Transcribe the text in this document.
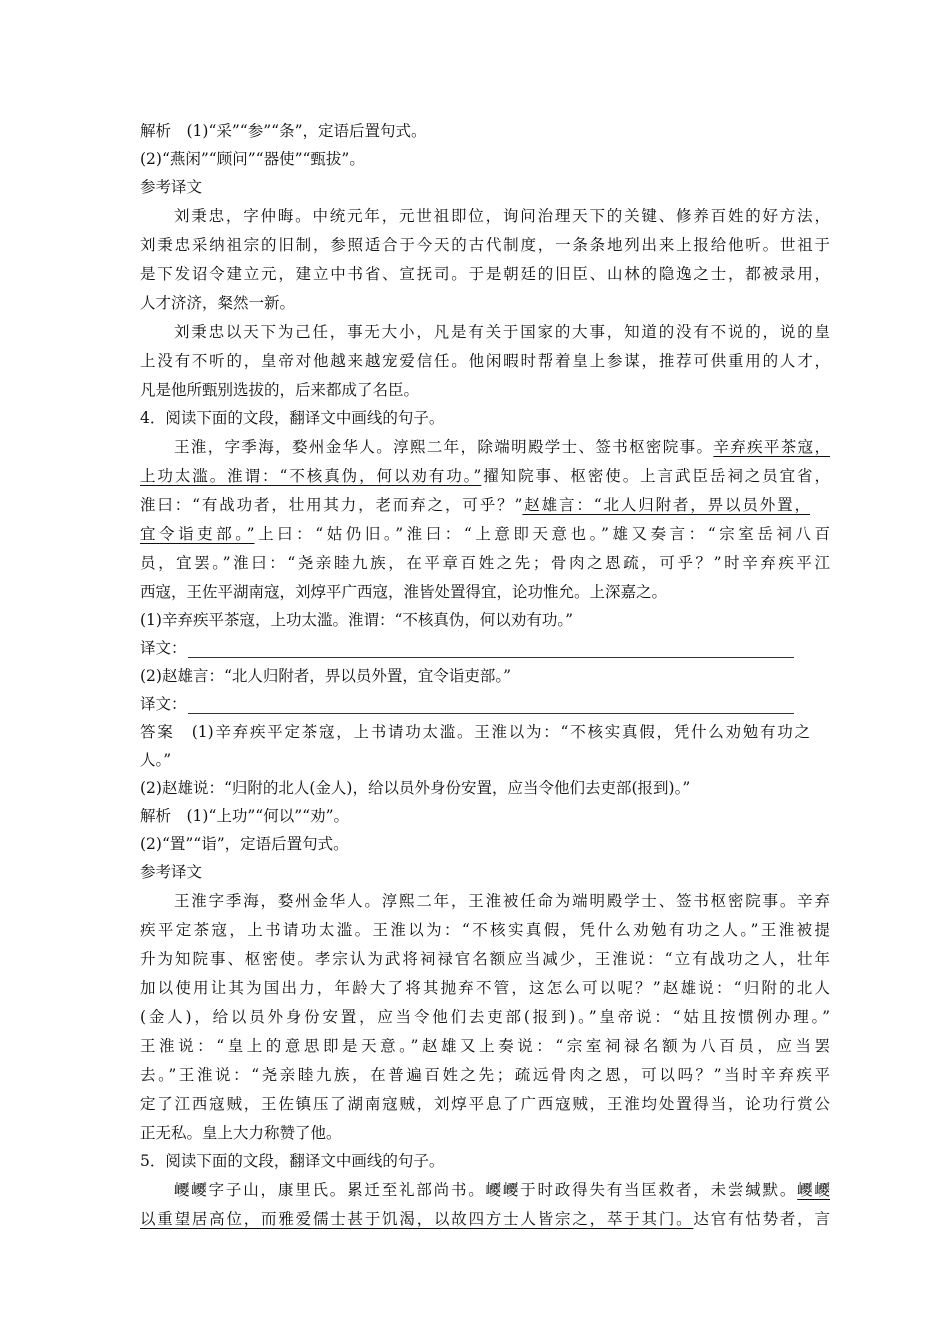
解析　(1)“采”“参”“条”，定语后置句式。
(2)“燕闲”“顾问”“器使”“甄拔”。
参考译文
刘秉忠，字仲晦。中统元年，元世祖即位，询问治理天下的关键、修养百姓的好方法，
刘秉忠采纳祖宗的旧制，参照适合于今天的古代制度，一条条地列出来上报给他听。世祖于
是下发诏令建立元，建立中书省、宣抚司。于是朝廷的旧臣、山林的隐逸之士，都被录用，
人才济济，粲然一新。
刘秉忠以天下为己任，事无大小，凡是有关于国家的大事，知道的没有不说的，说的皇
上没有不听的，皇帝对他越来越宠爱信任。他闲暇时帮着皇上参谋，推荐可供重用的人才，
凡是他所甄别选拔的，后来都成了名臣。
4．阅读下面的文段，翻译文中画线的句子。
王淮，字季海，婺州金华人。淳熙二年，除端明殿学士、签书枢密院事。辛弃疾平茶寇，
上功太滥。淮谓：“不核真伪，何以劝有功。”擢知院事、枢密使。上言武臣岳祠之员宜省，
淮曰：“有战功者，壮用其力，老而弃之，可乎？”赵雄言：“北人归附者，畀以员外置，
宜令诣吏部。”上曰：“姑仍旧。”淮曰：“上意即天意也。”雄又奏言：“宗室岳祠八百
员，宜罢。”淮曰：“尧亲睦九族，在平章百姓之先；骨肉之恩疏，可乎？”时辛弃疾平江
西寇，王佐平湖南寇，刘焞平广西寇，淮皆处置得宜，论功惟允。上深嘉之。
(1)辛弃疾平茶寇，上功太滥。淮谓：“不核真伪，何以劝有功。”
译文：
(2)赵雄言：“北人归附者，畀以员外置，宜令诣吏部。”
译文：
答案　(1)辛弃疾平定茶寇，上书请功太滥。王淮以为：“不核实真假，凭什么劝勉有功之
人。”
(2)赵雄说：“归附的北人(金人)，给以员外身份安置，应当令他们去吏部(报到)。”
解析　(1)“上功”“何以”“劝”。
(2)“置”“诣”，定语后置句式。
参考译文
王淮字季海，婺州金华人。淳熙二年，王淮被任命为端明殿学士、签书枢密院事。辛弃
疾平定茶寇，上书请功太滥。王淮以为：“不核实真假，凭什么劝勉有功之人。”王淮被提
升为知院事、枢密使。孝宗认为武将祠禄官名额应当减少，王淮说：“立有战功之人，壮年
加以使用让其为国出力，年龄大了将其抛弃不管，这怎么可以呢？”赵雄说：“归附的北人
(金人)，给以员外身份安置，应当令他们去吏部(报到)。”皇帝说：“姑且按惯例办理。”
王淮说：“皇上的意思即是天意。”赵雄又上奏说：“宗室祠禄名额为八百员，应当罢
去。”王淮说：“尧亲睦九族，在普遍百姓之先；疏远骨肉之恩，可以吗？”当时辛弃疾平
定了江西寇贼，王佐镇压了湖南寇贼，刘焞平息了广西寇贼，王淮均处置得当，论功行赏公
正无私。皇上大力称赞了他。
5．阅读下面的文段，翻译文中画线的句子。
巎巎字子山，康里氏。累迁至礼部尚书。巎巎于时政得失有当匡救者，未尝缄默。巎巎
以重望居高位，而雅爱儒士甚于饥渴，以故四方士人皆宗之，萃于其门。达官有怙势者，言
